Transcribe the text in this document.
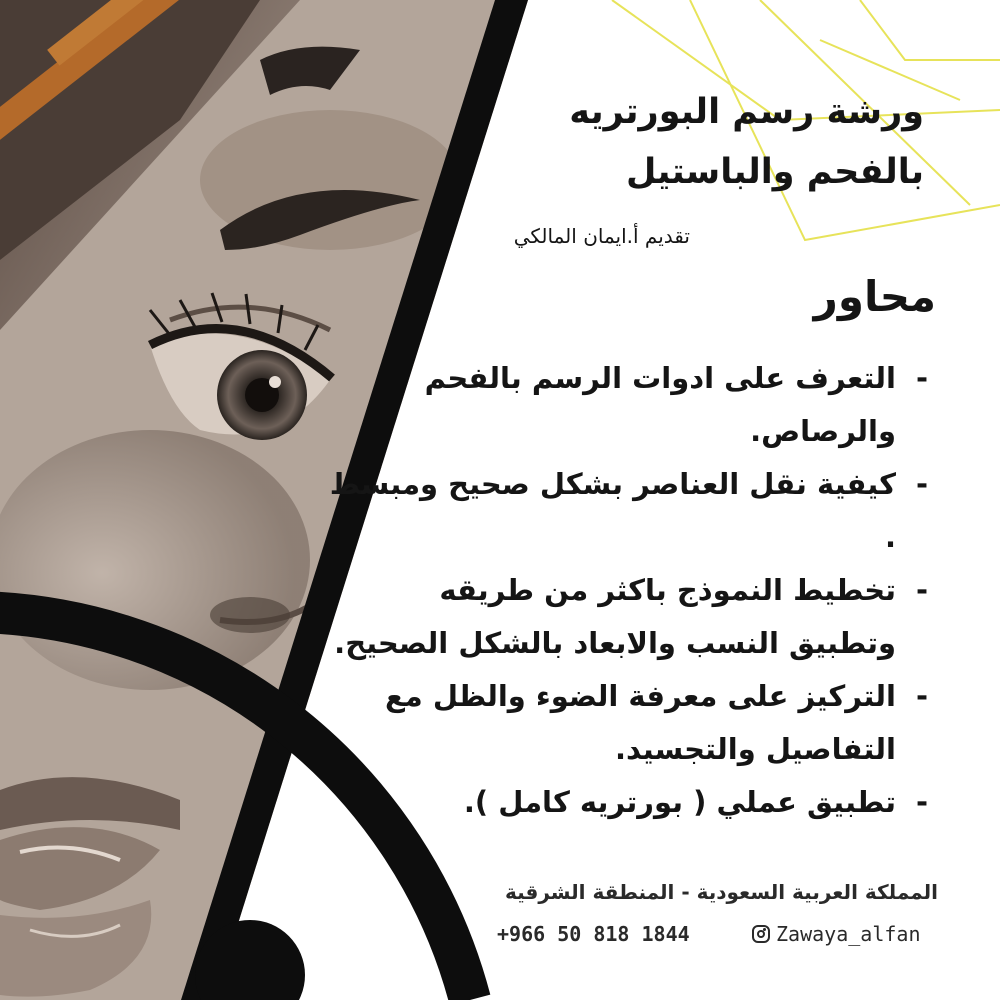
ورشة رسم البورتريه
بالفحم والباستيل
تقديم أ.ايمان المالكي
محاور
-
التعرف على ادوات الرسم بالفحم والرصاص.
-
كيفية نقل العناصر بشكل صحيح ومبسط .
-
تخطيط النموذج باكثر من طريقه وتطبيق النسب والابعاد بالشكل الصحيح.
-
التركيز على معرفة الضوء والظل مع التفاصيل والتجسيد.
-
تطبيق عملي ( بورتريه كامل ).
المملكة العربية السعودية - المنطقة الشرقية
+966 50 818 1844	Zawaya_alfan
